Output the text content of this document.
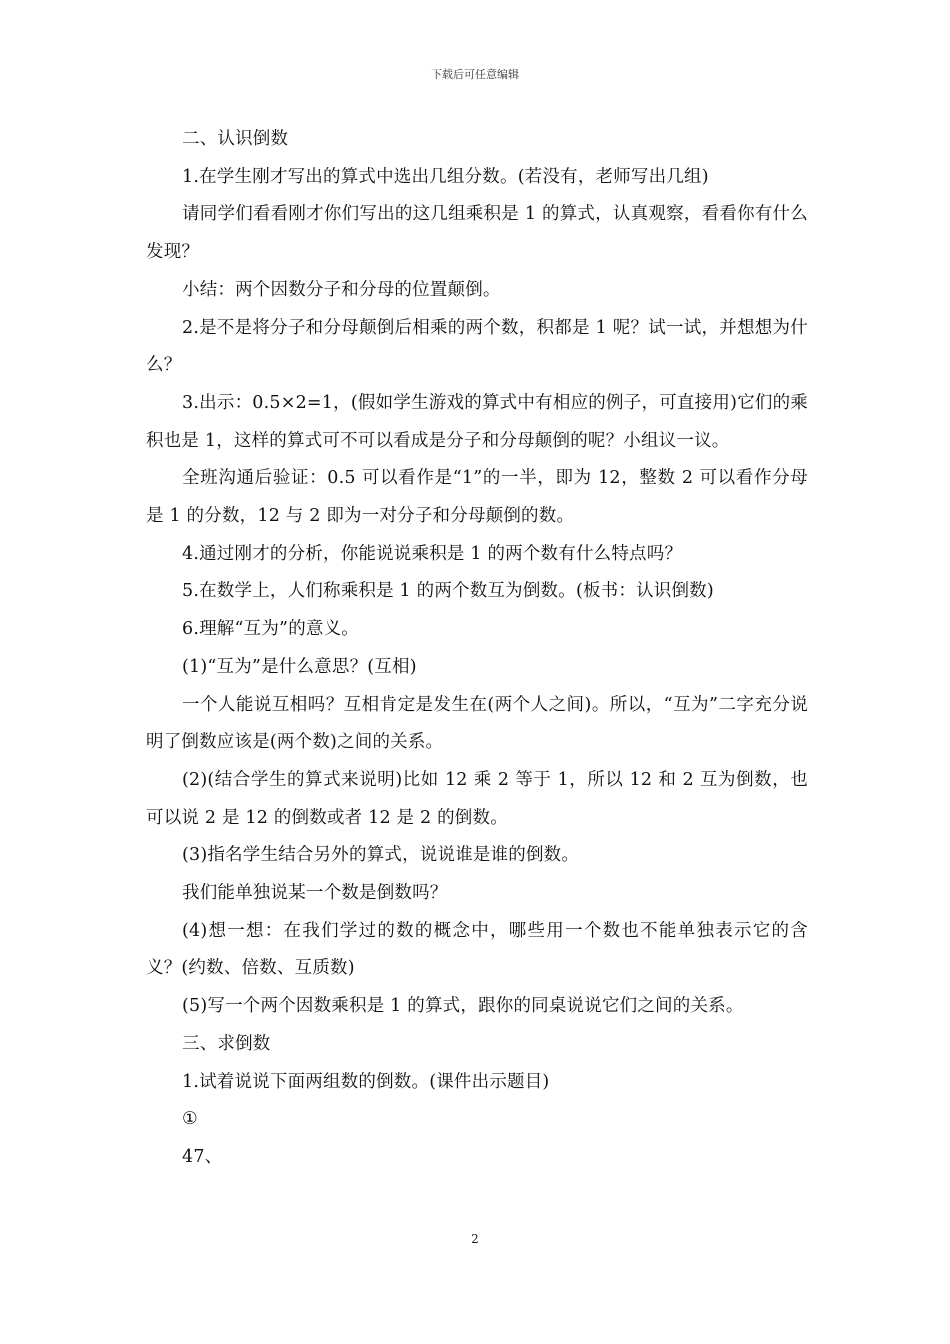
下载后可任意编辑

二、认识倒数

1.在学生刚才写出的算式中选出几组分数。(若没有，老师写出几组)

请同学们看看刚才你们写出的这几组乘积是 1 的算式，认真观察，看看你有什么发现？

小结：两个因数分子和分母的位置颠倒。

2.是不是将分子和分母颠倒后相乘的两个数，积都是 1 呢？试一试，并想想为什么？

3.出示：0.5×2=1，(假如学生游戏的算式中有相应的例子，可直接用)它们的乘积也是 1，这样的算式可不可以看成是分子和分母颠倒的呢？小组议一议。

全班沟通后验证：0.5 可以看作是“1”的一半，即为 12，整数 2 可以看作分母是 1 的分数，12 与 2 即为一对分子和分母颠倒的数。

4.通过刚才的分析，你能说说乘积是 1 的两个数有什么特点吗？

5.在数学上，人们称乘积是 1 的两个数互为倒数。(板书：认识倒数)

6.理解“互为”的意义。

(1)“互为”是什么意思？(互相)

一个人能说互相吗？互相肯定是发生在(两个人之间)。所以，“互为”二字充分说明了倒数应该是(两个数)之间的关系。

(2)(结合学生的算式来说明)比如 12 乘 2 等于 1，所以 12 和 2 互为倒数，也可以说 2 是 12 的倒数或者 12 是 2 的倒数。

(3)指名学生结合另外的算式，说说谁是谁的倒数。

我们能单独说某一个数是倒数吗？

(4)想一想：在我们学过的数的概念中，哪些用一个数也不能单独表示它的含义？(约数、倍数、互质数)

(5)写一个两个因数乘积是 1 的算式，跟你的同桌说说它们之间的关系。

三、求倒数

1.试着说说下面两组数的倒数。(课件出示题目)

①

47、

2
